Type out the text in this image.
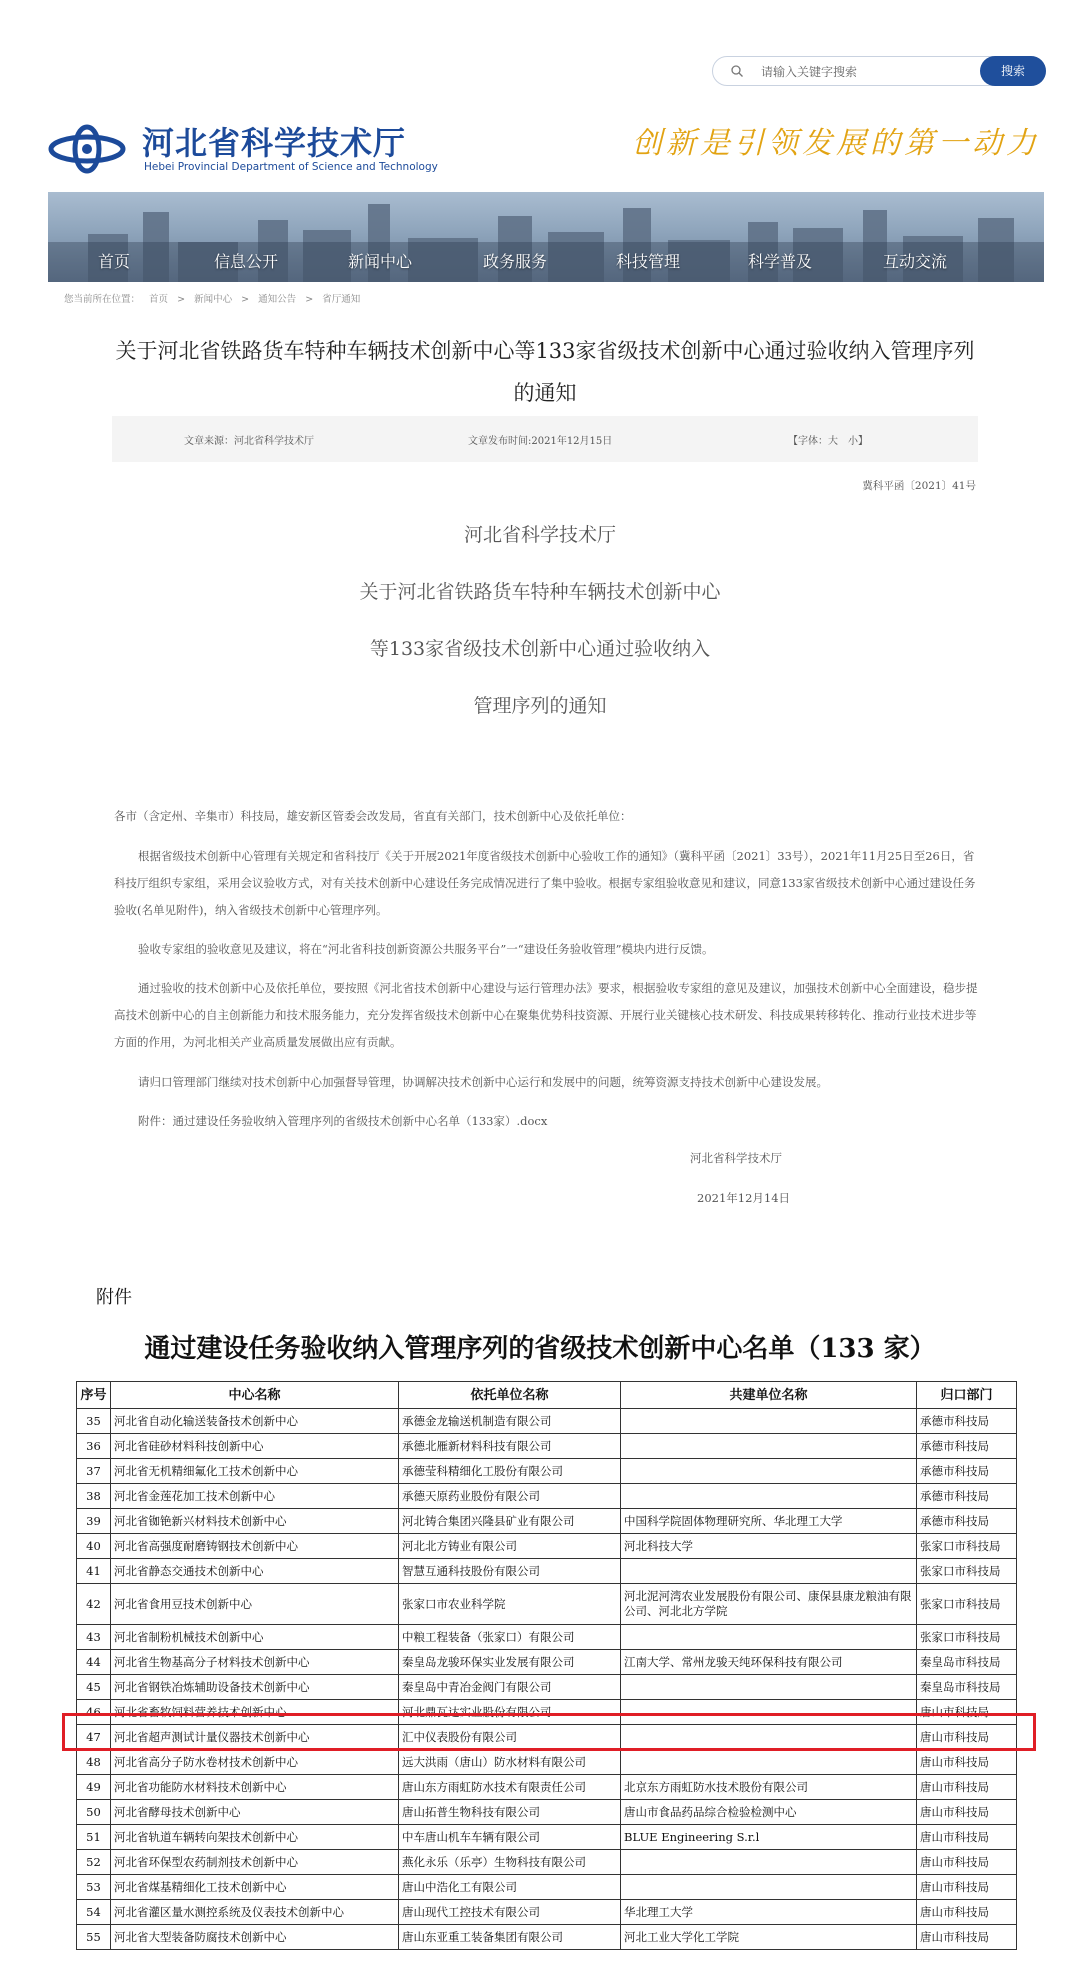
请输入关键字搜索
搜索
河北省科学技术厅
Hebei Provincial Department of Science and Technology
创新是引领发展的第一动力
首页	信息公开	新闻中心	政务服务	科技管理	科学普及	互动交流
您当前所在位置： 首页 > 新闻中心 > 通知公告 > 省厅通知
关于河北省铁路货车特种车辆技术创新中心等133家省级技术创新中心通过验收纳入管理序列的通知
文章来源：河北省科学技术厅	文章发布时间:2021年12月15日	【字体：大　小】
冀科平函〔2021〕41号
河北省科学技术厅
关于河北省铁路货车特种车辆技术创新中心
等133家省级技术创新中心通过验收纳入
管理序列的通知
各市（含定州、辛集市）科技局，雄安新区管委会改发局，省直有关部门，技术创新中心及依托单位：
根据省级技术创新中心管理有关规定和省科技厅《关于开展2021年度省级技术创新中心验收工作的通知》（冀科平函〔2021〕33号），2021年11月25日至26日，省科技厅组织专家组，采用会议验收方式，对有关技术创新中心建设任务完成情况进行了集中验收。根据专家组验收意见和建议，同意133家省级技术创新中心通过建设任务验收(名单见附件)，纳入省级技术创新中心管理序列。
验收专家组的验收意见及建议，将在“河北省科技创新资源公共服务平台”一“建设任务验收管理”模块内进行反馈。
通过验收的技术创新中心及依托单位，要按照《河北省技术创新中心建设与运行管理办法》要求，根据验收专家组的意见及建议，加强技术创新中心全面建设，稳步提高技术创新中心的自主创新能力和技术服务能力，充分发挥省级技术创新中心在聚集优势科技资源、开展行业关键核心技术研发、科技成果转移转化、推动行业技术进步等方面的作用，为河北相关产业高质量发展做出应有贡献。
请归口管理部门继续对技术创新中心加强督导管理，协调解决技术创新中心运行和发展中的问题，统筹资源支持技术创新中心建设发展。
附件：通过建设任务验收纳入管理序列的省级技术创新中心名单（133家）.docx
河北省科学技术厅
2021年12月14日
附件
通过建设任务验收纳入管理序列的省级技术创新中心名单（133 家）
序号	中心名称	依托单位名称	共建单位名称	归口部门
35	河北省自动化输送装备技术创新中心	承德金龙输送机制造有限公司		承德市科技局
36	河北省硅砂材料科技创新中心	承德北雁新材料科技有限公司		承德市科技局
37	河北省无机精细氟化工技术创新中心	承德莹科精细化工股份有限公司		承德市科技局
38	河北省金莲花加工技术创新中心	承德天原药业股份有限公司		承德市科技局
39	河北省铷铯新兴材料技术创新中心	河北铸合集团兴隆县矿业有限公司	中国科学院固体物理研究所、华北理工大学	承德市科技局
40	河北省高强度耐磨铸钢技术创新中心	河北北方铸业有限公司	河北科技大学	张家口市科技局
41	河北省静态交通技术创新中心	智慧互通科技股份有限公司		张家口市科技局
42	河北省食用豆技术创新中心	张家口市农业科学院	河北泥河湾农业发展股份有限公司、康保县康龙粮油有限公司、河北北方学院	张家口市科技局
43	河北省制粉机械技术创新中心	中粮工程装备（张家口）有限公司		张家口市科技局
44	河北省生物基高分子材料技术创新中心	秦皇岛龙骏环保实业发展有限公司	江南大学、常州龙骏天纯环保科技有限公司	秦皇岛市科技局
45	河北省钢铁冶炼辅助设备技术创新中心	秦皇岛中青冶金阀门有限公司		秦皇岛市科技局
46	河北省畜牧饲料营养技术创新中心	河北鼎瓦达实业股份有限公司		唐山市科技局
47	河北省超声测试计量仪器技术创新中心	汇中仪表股份有限公司		唐山市科技局
48	河北省高分子防水卷材技术创新中心	远大洪雨（唐山）防水材料有限公司		唐山市科技局
49	河北省功能防水材料技术创新中心	唐山东方雨虹防水技术有限责任公司	北京东方雨虹防水技术股份有限公司	唐山市科技局
50	河北省酵母技术创新中心	唐山拓普生物科技有限公司	唐山市食品药品综合检验检测中心	唐山市科技局
51	河北省轨道车辆转向架技术创新中心	中车唐山机车车辆有限公司	BLUE Engineering S.r.l	唐山市科技局
52	河北省环保型农药制剂技术创新中心	燕化永乐（乐亭）生物科技有限公司		唐山市科技局
53	河北省煤基精细化工技术创新中心	唐山中浩化工有限公司		唐山市科技局
54	河北省灌区量水测控系统及仪表技术创新中心	唐山现代工控技术有限公司	华北理工大学	唐山市科技局
55	河北省大型装备防腐技术创新中心	唐山东亚重工装备集团有限公司	河北工业大学化工学院	唐山市科技局
